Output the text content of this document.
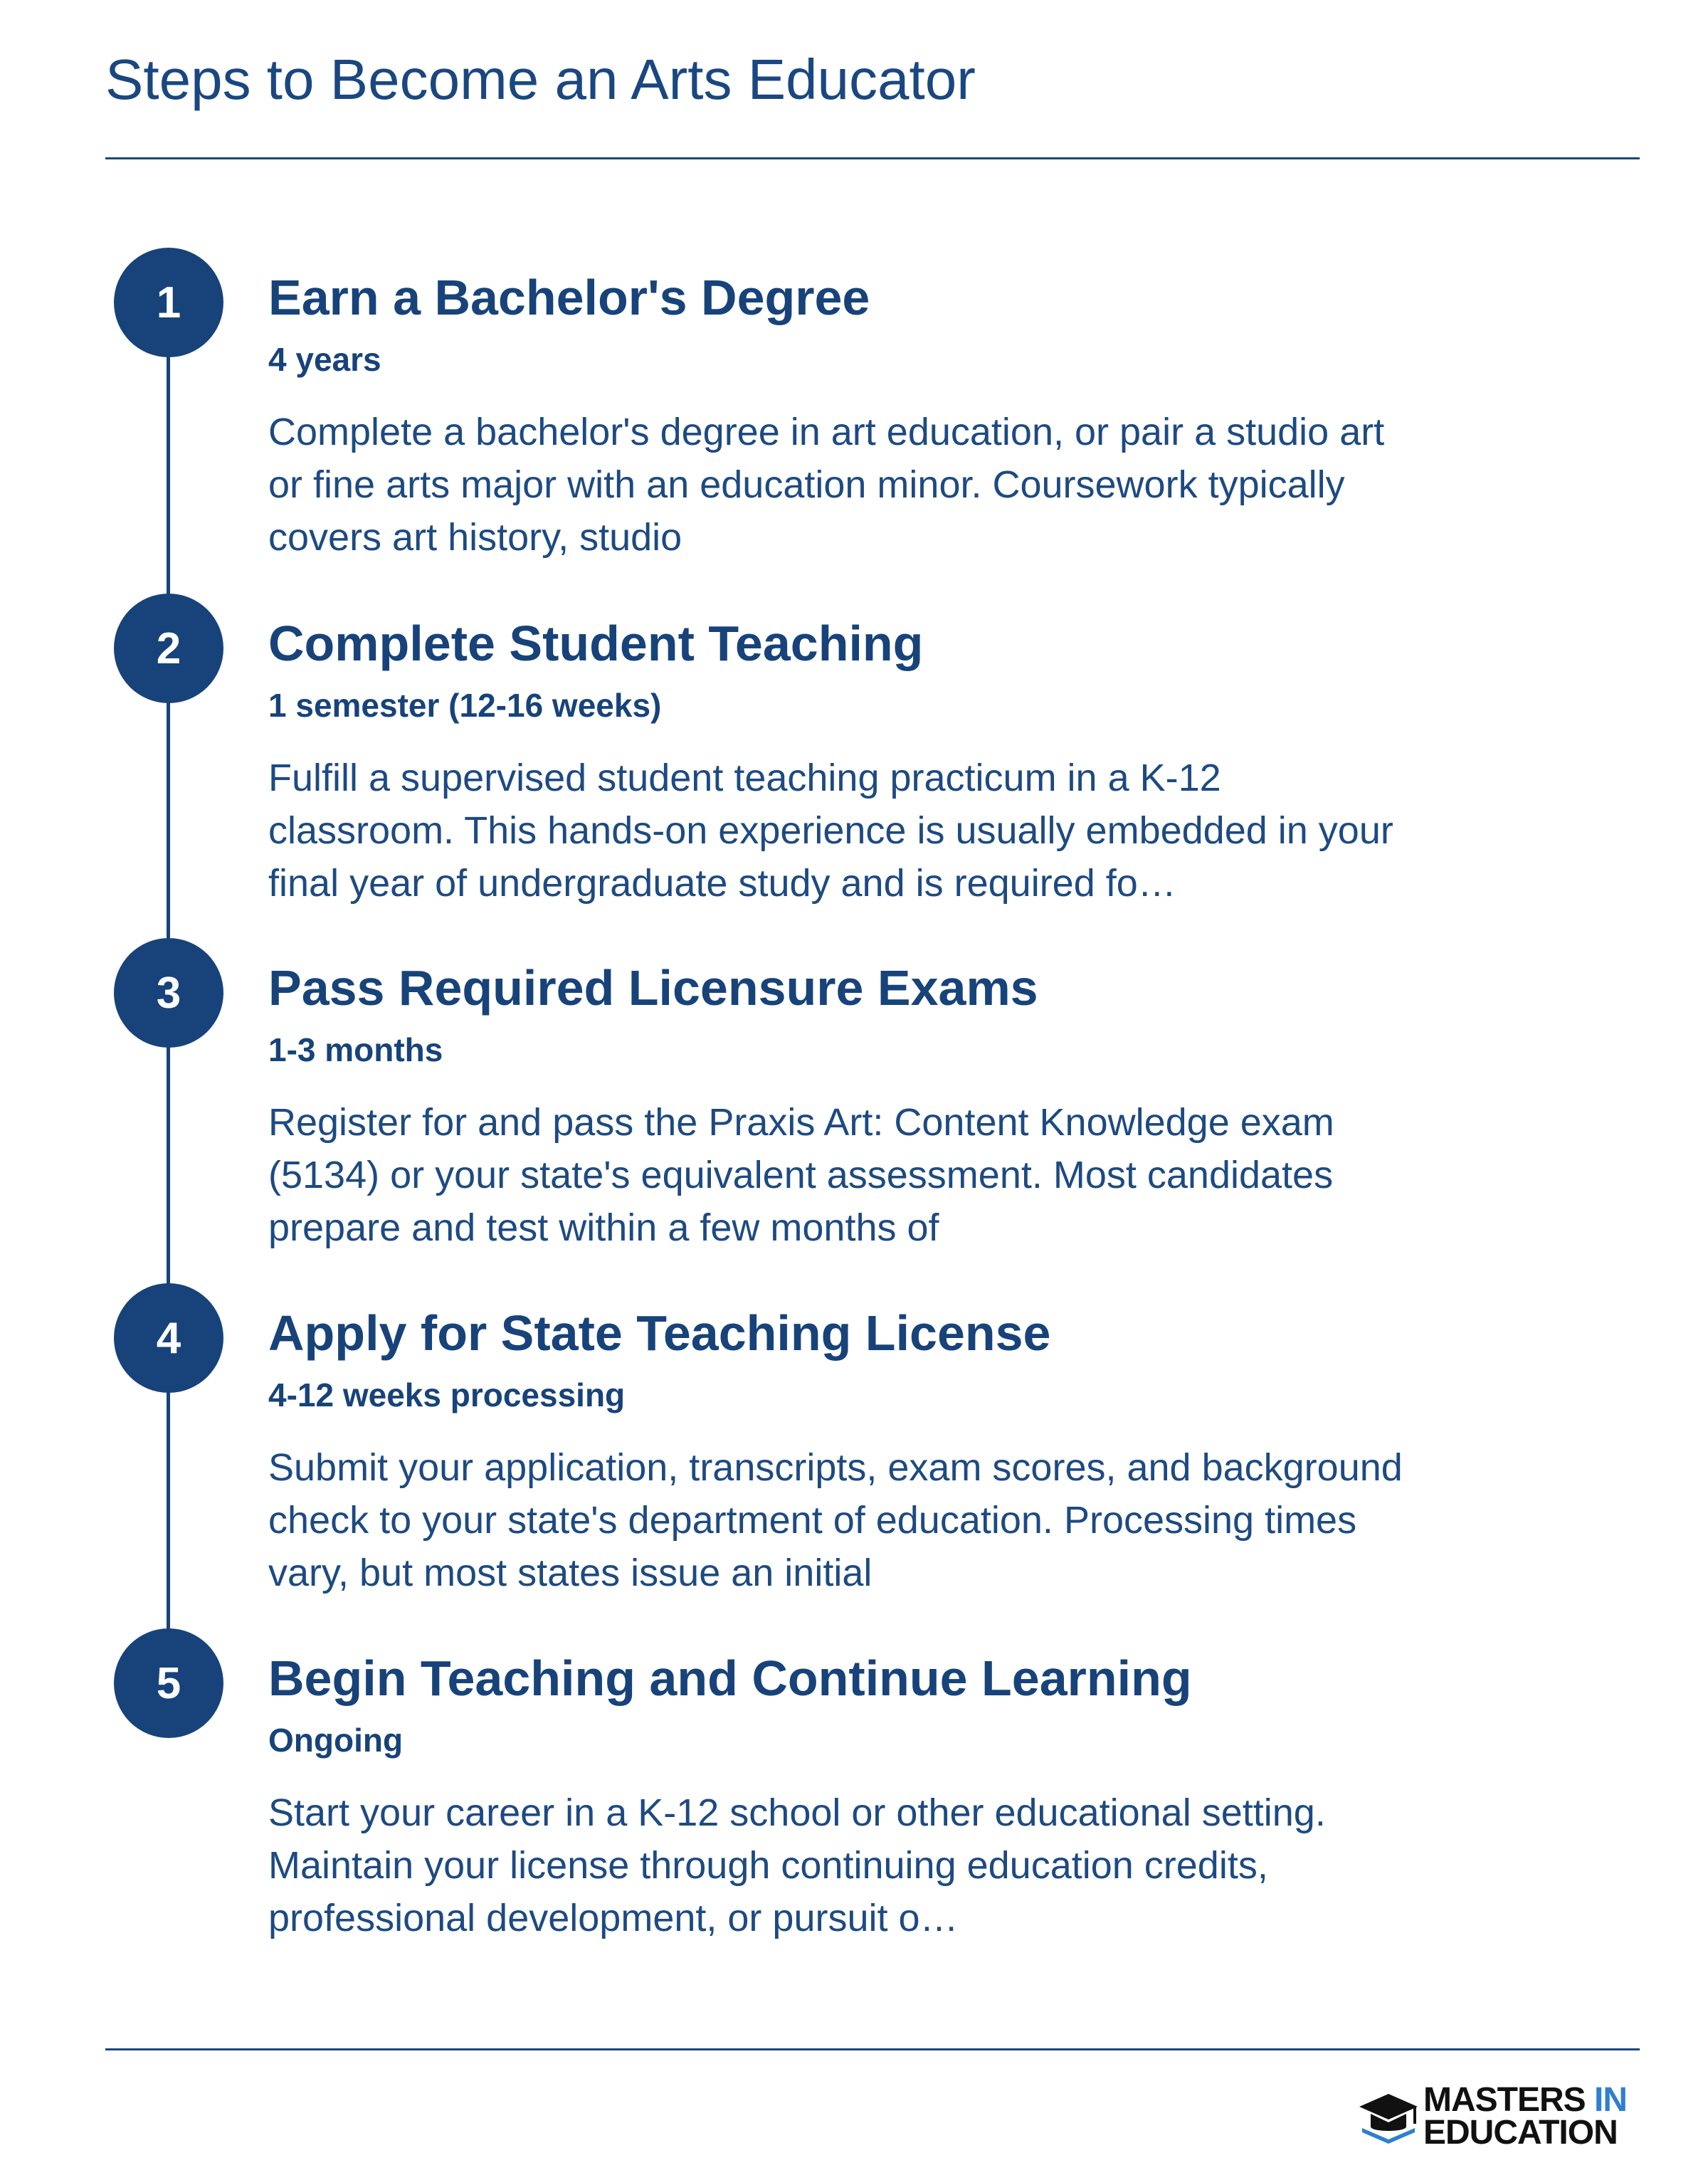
Steps to Become an Arts Educator
1	Earn a Bachelor's Degree
4 years

Complete a bachelor's degree in art education, or pair a studio art or fine arts major with an education minor. Coursework typically covers art history, studio

2	Complete Student Teaching
1 semester (12-16 weeks)

Fulfill a supervised student teaching practicum in a K-12 classroom. This hands-on experience is usually embedded in your final year of undergraduate study and is required fo…

3	Pass Required Licensure Exams
1-3 months

Register for and pass the Praxis Art: Content Knowledge exam (5134) or your state's equivalent assessment. Most candidates prepare and test within a few months of

4	Apply for State Teaching License
4-12 weeks processing

Submit your application, transcripts, exam scores, and background check to your state's department of education. Processing times vary, but most states issue an initial

5	Begin Teaching and Continue Learning
Ongoing

Start your career in a K-12 school or other educational setting. Maintain your license through continuing education credits, professional development, or pursuit o…

MASTERS IN
EDUCATION
